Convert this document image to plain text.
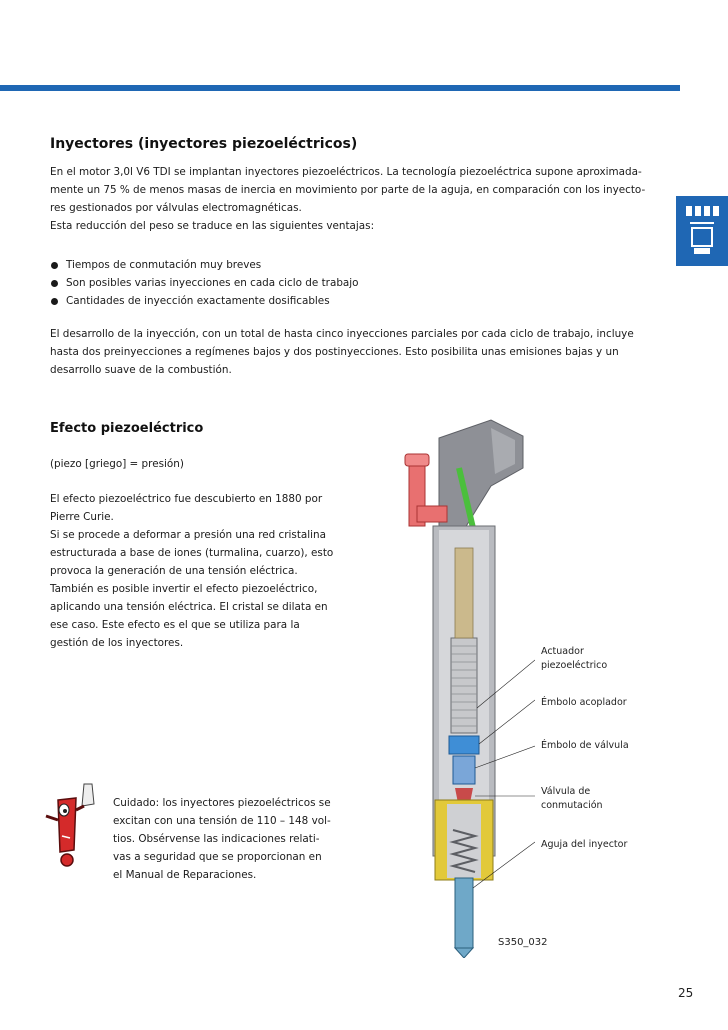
Inyectores (inyectores piezoeléctricos)

En el motor 3,0l V6 TDI se implantan inyectores piezoeléctricos. La tecnología piezoeléctrica supone aproximada-
mente un 75 % de menos masas de inercia en movimiento por parte de la aguja, en comparación con los inyecto-
res gestionados por válvulas electromagnéticas.
Esta reducción del peso se traduce en las siguientes ventajas:

Tiempos de conmutación muy breves
Son posibles varias inyecciones en cada ciclo de trabajo
Cantidades de inyección exactamente dosificables

El desarrollo de la inyección, con un total de hasta cinco inyecciones parciales por cada ciclo de trabajo, incluye
hasta dos preinyecciones a regímenes bajos y dos postinyecciones. Esto posibilita unas emisiones bajas y un
desarrollo suave de la combustión.

Efecto piezoeléctrico

(piezo [griego] = presión)

El efecto piezoeléctrico fue descubierto en 1880 por
Pierre Curie.
Si se procede a deformar a presión una red cristalina
estructurada a base de iones (turmalina, cuarzo), esto
provoca la generación de una tensión eléctrica.
También es posible invertir el efecto piezoeléctrico,
aplicando una tensión eléctrica. El cristal se dilata en
ese caso. Este efecto es el que se utiliza para la
gestión de los inyectores.

Cuidado: los inyectores piezoeléctricos se
excitan con una tensión de 110 – 148 vol-
tios. Obsérvense las indicaciones relati-
vas a seguridad que se proporcionan en
el Manual de Reparaciones.

Actuador
piezoeléctrico
Émbolo acoplador
Émbolo de válvula
Válvula de
conmutación
Aguja del inyector
S350_032
25
